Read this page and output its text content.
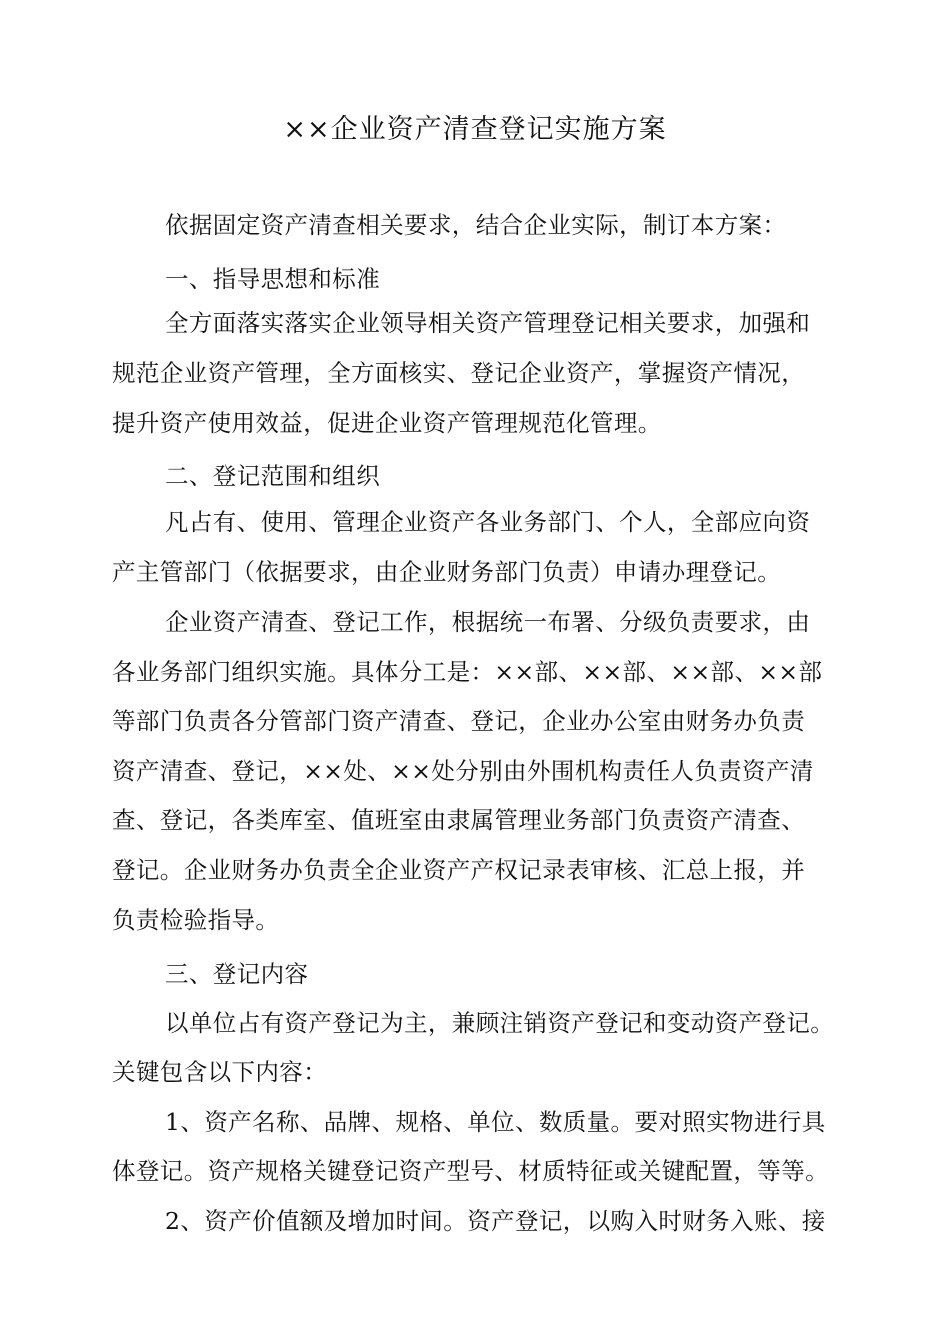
××企业资产清查登记实施方案
依据固定资产清查相关要求，结合企业实际，制订本方案：
一、指导思想和标准
全方面落实落实企业领导相关资产管理登记相关要求，加强和
规范企业资产管理，全方面核实、登记企业资产，掌握资产情况，
提升资产使用效益，促进企业资产管理规范化管理。
二、登记范围和组织
凡占有、使用、管理企业资产各业务部门、个人，全部应向资
产主管部门（依据要求，由企业财务部门负责）申请办理登记。
企业资产清查、登记工作，根据统一布署、分级负责要求，由
各业务部门组织实施。具体分工是：××部、××部、××部、××部
等部门负责各分管部门资产清查、登记，企业办公室由财务办负责
资产清查、登记，××处、××处分别由外围机构责任人负责资产清
查、登记，各类库室、值班室由隶属管理业务部门负责资产清查、
登记。企业财务办负责全企业资产产权记录表审核、汇总上报，并
负责检验指导。
三、登记内容
以单位占有资产登记为主，兼顾注销资产登记和变动资产登记。
关键包含以下内容：
1、资产名称、品牌、规格、单位、数质量。要对照实物进行具
体登记。资产规格关键登记资产型号、材质特征或关键配置，等等。
2、资产价值额及增加时间。资产登记，以购入时财务入账、接
